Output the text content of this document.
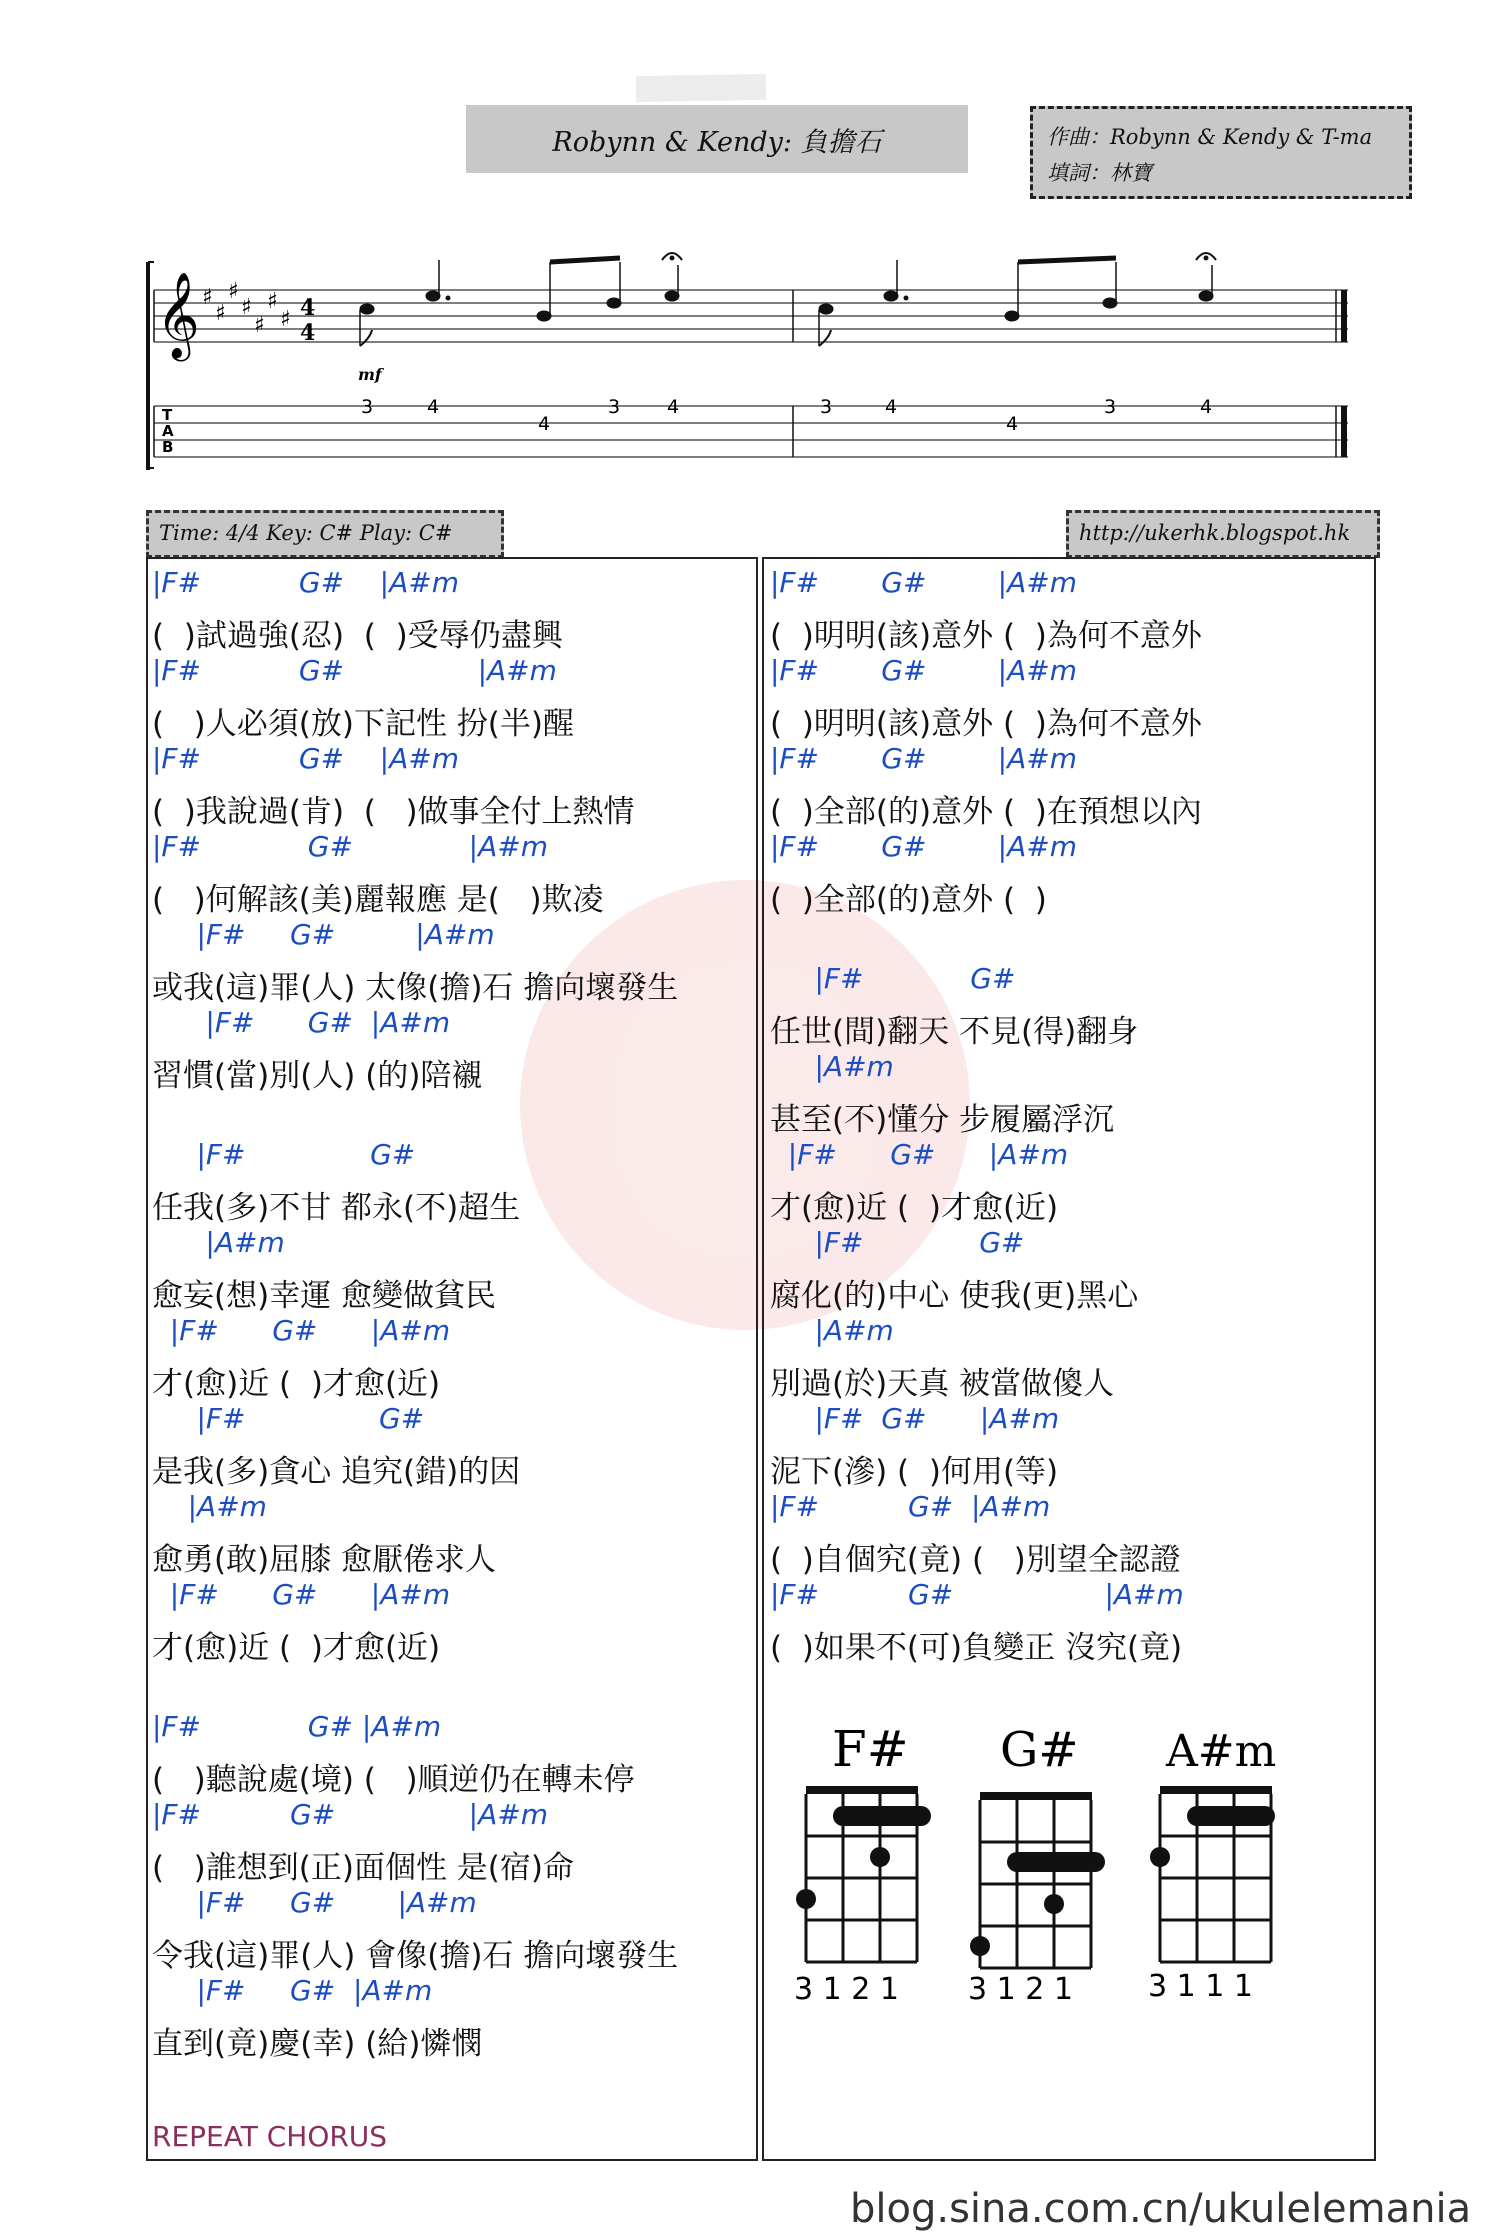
Robynn & Kendy: 負擔石	作曲：Robynn & Kendy & T-ma
填詞：林寶
𝄞 ♯
♯
♯
♯
♯
♯
♯ 4
4
mf
T
A
B
3	4
4
3 4	3	4
4
3	4
Time: 4/4 Key: C# Play: C#	http://ukerhk.blogspot.hk
|F#           G#    |A#m
(  )試過強(忍)  (  )受辱仍盡興
|F#           G#               |A#m
(   )人必須(放)下記性 扮(半)醒
|F#           G#    |A#m
(  )我說過(肯)  (   )做事全付上熱情
|F#            G#             |A#m
(   )何解該(美)麗報應 是(   )欺凌
|F#     G#         |A#m
或我(這)罪(人) 太像(擔)石 擔向壞發生
|F#      G#  |A#m
習慣(當)別(人) (的)陪襯
|F#              G#
任我(多)不甘 都永(不)超生
|A#m
愈妄(想)幸運 愈變做貧民
|F#      G#      |A#m
才(愈)近 (  )才愈(近)
|F#               G#
是我(多)貪心 追究(錯)的因
|A#m
愈勇(敢)屈膝 愈厭倦求人
|F#      G#      |A#m
才(愈)近 (  )才愈(近)
|F#            G# |A#m
(   )聽說處(境) (   )順逆仍在轉未停
|F#          G#               |A#m
(   )誰想到(正)面個性 是(宿)命
|F#     G#       |A#m
令我(這)罪(人) 會像(擔)石 擔向壞發生
|F#     G#  |A#m
直到(竟)慶(幸) (給)憐憫
REPEAT CHORUS
|F#       G#        |A#m
(  )明明(該)意外 (  )為何不意外
|F#       G#        |A#m
(  )明明(該)意外 (  )為何不意外
|F#       G#        |A#m
(  )全部(的)意外 (  )在預想以內
|F#       G#        |A#m
(  )全部(的)意外 (  )
|F#            G#
任世(間)翻天 不見(得)翻身
|A#m
甚至(不)懂分 步履屬浮沉
|F#      G#      |A#m
才(愈)近 (  )才愈(近)
|F#             G#
腐化(的)中心 使我(更)黑心
|A#m
別過(於)天真 被當做傻人
|F#  G#      |A#m
泥下(滲) (  )何用(等)
|F#          G#  |A#m
(  )自個究(竟) (   )別望全認證
|F#          G#                 |A#m
(  )如果不(可)負變正 沒究(竟)
F#
3 1 2 1
G#
3 1 2 1
A#m
3 1 1 1
blog.sina.com.cn/ukulelemania
